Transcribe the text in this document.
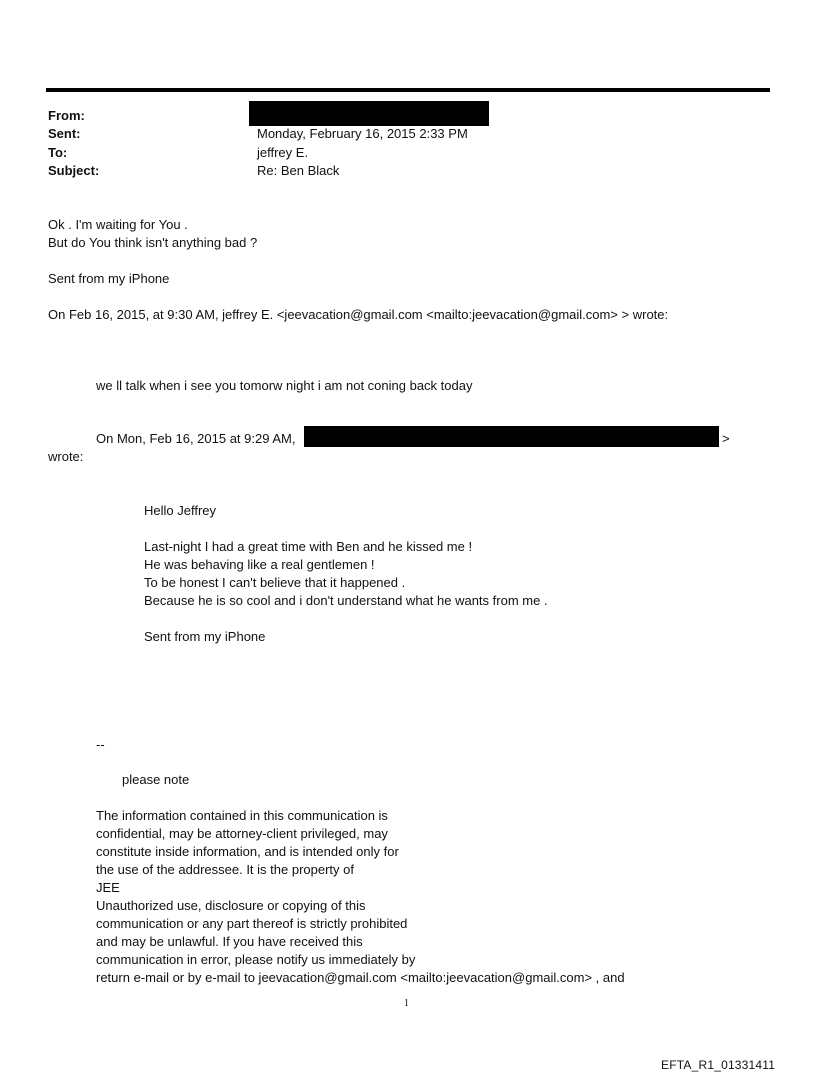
From:
Sent:	Monday, February 16, 2015 2:33 PM
To:	jeffrey E.
Subject:	Re: Ben Black
Ok . I'm waiting for You .
But do You think isn't anything bad ?
Sent from my iPhone
On Feb 16, 2015, at 9:30 AM, jeffrey E. <jeevacation@gmail.com <mailto:jeevacation@gmail.com> > wrote:
we ll talk when i see you tomorw night i am not coning back today
On Mon, Feb 16, 2015 at 9:29 AM,	>
wrote:
Hello Jeffrey
Last-night I had a great time with Ben and he kissed me !
He was behaving like a real gentlemen !
To be honest I can't believe that it happened .
Because he is so cool and i don't understand what he wants from me .
Sent from my iPhone
--
please note
The information contained in this communication is
confidential, may be attorney-client privileged, may
constitute inside information, and is intended only for
the use of the addressee. It is the property of
JEE
Unauthorized use, disclosure or copying of this
communication or any part thereof is strictly prohibited
and may be unlawful. If you have received this
communication in error, please notify us immediately by
return e-mail or by e-mail to jeevacation@gmail.com <mailto:jeevacation@gmail.com> , and
1
EFTA_R1_01331411
